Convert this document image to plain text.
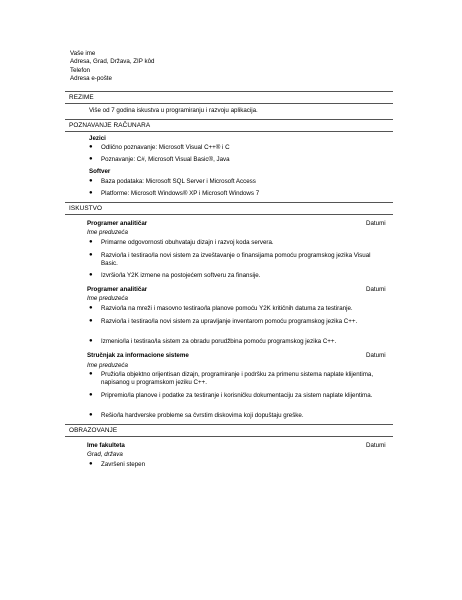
Vaše ime
Adresa, Grad, Država, ZIP kôd
Telefon
Adresa e-pošte
REZIME
Više od 7 godina iskustva u programiranju i razvoju aplikacija.
POZNAVANJE RAČUNARA
Jezici
● Odlično poznavanje: Microsoft Visual C++® i C
● Poznavanje: C#, Microsoft Visual Basic®, Java
Softver
● Baza podataka: Microsoft SQL Server i Microsoft Access
● Platforme: Microsoft Windows® XP i Microsoft Windows 7
ISKUSTVO
Programer analitičar	Datumi
Ime preduzeća
● Primarne odgovornosti obuhvataju dizajn i razvoj koda servera.
● Razvio/la i testirao/la novi sistem za izveštavanje o finansijama pomoću programskog jezika Visual Basic.
● Izvršio/la Y2K izmene na postojećem softveru za finansije.
Programer analitičar	Datumi
Ime preduzeća
● Razvio/la na mreži i masovno testirao/la planove pomoću Y2K kritičnih datuma za testiranje.
● Razvio/la i testirao/la novi sistem za upravljanje inventarom pomoću programskog jezika C++.
● Izmenio/la i testirao/la sistem za obradu porudžbina pomoću programskog jezika C++.
Stručnjak za informacione sisteme	Datumi
Ime preduzeća
● Pružio/la objektno orijentisan dizajn, programiranje i podršku za primenu sistema naplate klijentima, napisanog u programskom jeziku C++.
● Pripremio/la planove i podatke za testiranje i korisničku dokumentaciju za sistem naplate klijentima.
● Rešio/la hardverske probleme sa čvrstim diskovima koji dopuštaju greške.
OBRAZOVANJE
Ime fakulteta	Datumi
Grad, država
● Završeni stepen
